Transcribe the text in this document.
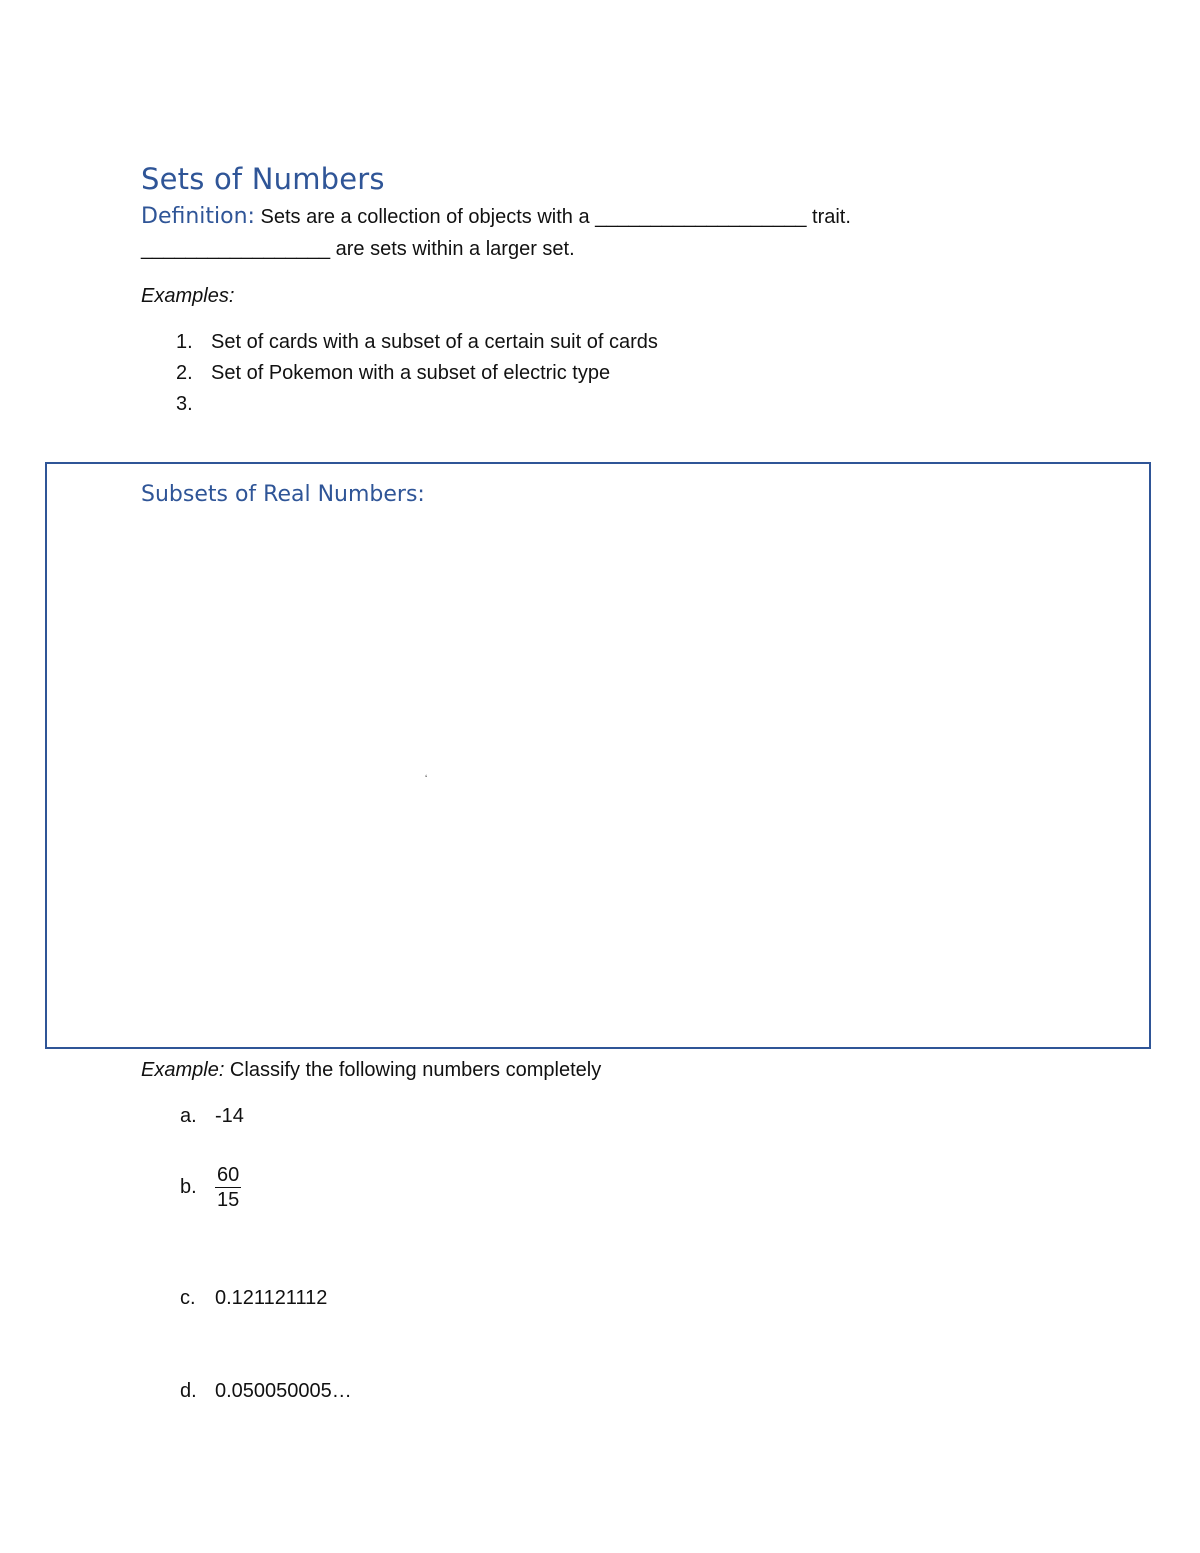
Sets of Numbers
Definition: Sets are a collection of objects with a ___________________ trait.
_________________ are sets within a larger set.
Examples:
1. Set of cards with a subset of a certain suit of cards
2. Set of Pokemon with a subset of electric type
3.
Subsets of Real Numbers:
ʻ
Example: Classify the following numbers completely
a. -14
b. $\frac{60}{15}$
c. 0.121121112
d. 0.050050005…
